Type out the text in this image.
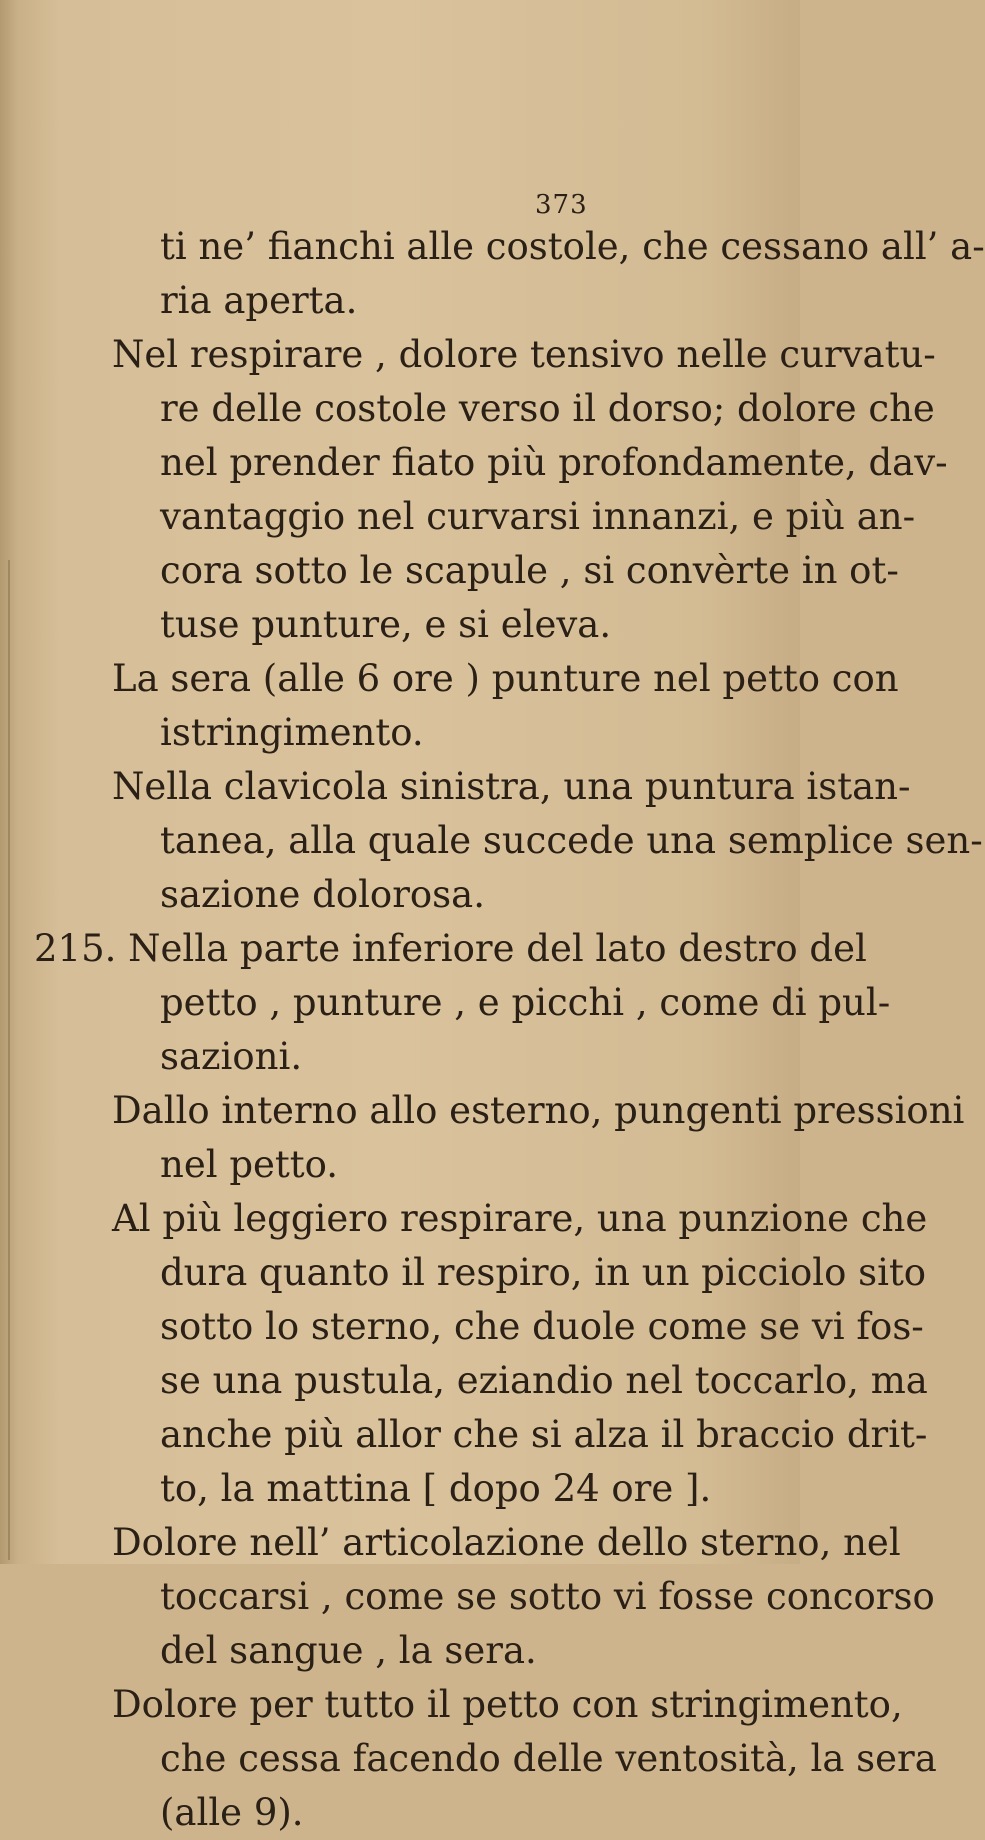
373
ti ne’ fianchi alle costole, che cessano all’ a-
ria aperta.
Nel respirare , dolore tensivo nelle curvatu-
re delle costole verso il dorso; dolore che
nel prender fiato più profondamente, dav-
vantaggio nel curvarsi innanzi, e più an-
cora sotto le scapule , si convèrte in ot-
tuse punture, e si eleva.
La sera (alle 6 ore ) punture nel petto con
istringimento.
Nella clavicola sinistra, una puntura istan-
tanea, alla quale succede una semplice sen-
sazione dolorosa.
215. Nella parte inferiore del lato destro del
petto , punture , e picchi , come di pul-
sazioni.
Dallo interno allo esterno, pungenti pressioni
nel petto.
Al più leggiero respirare, una punzione che
dura quanto il respiro, in un picciolo sito
sotto lo sterno, che duole come se vi fos-
se una pustula, eziandio nel toccarlo, ma
anche più allor che si alza il braccio drit-
to, la mattina [ dopo 24 ore ].
Dolore nell’ articolazione dello sterno, nel
toccarsi , come se sotto vi fosse concorso
del sangue , la sera.
Dolore per tutto il petto con stringimento,
che cessa facendo delle ventosità, la sera
(alle 9).
